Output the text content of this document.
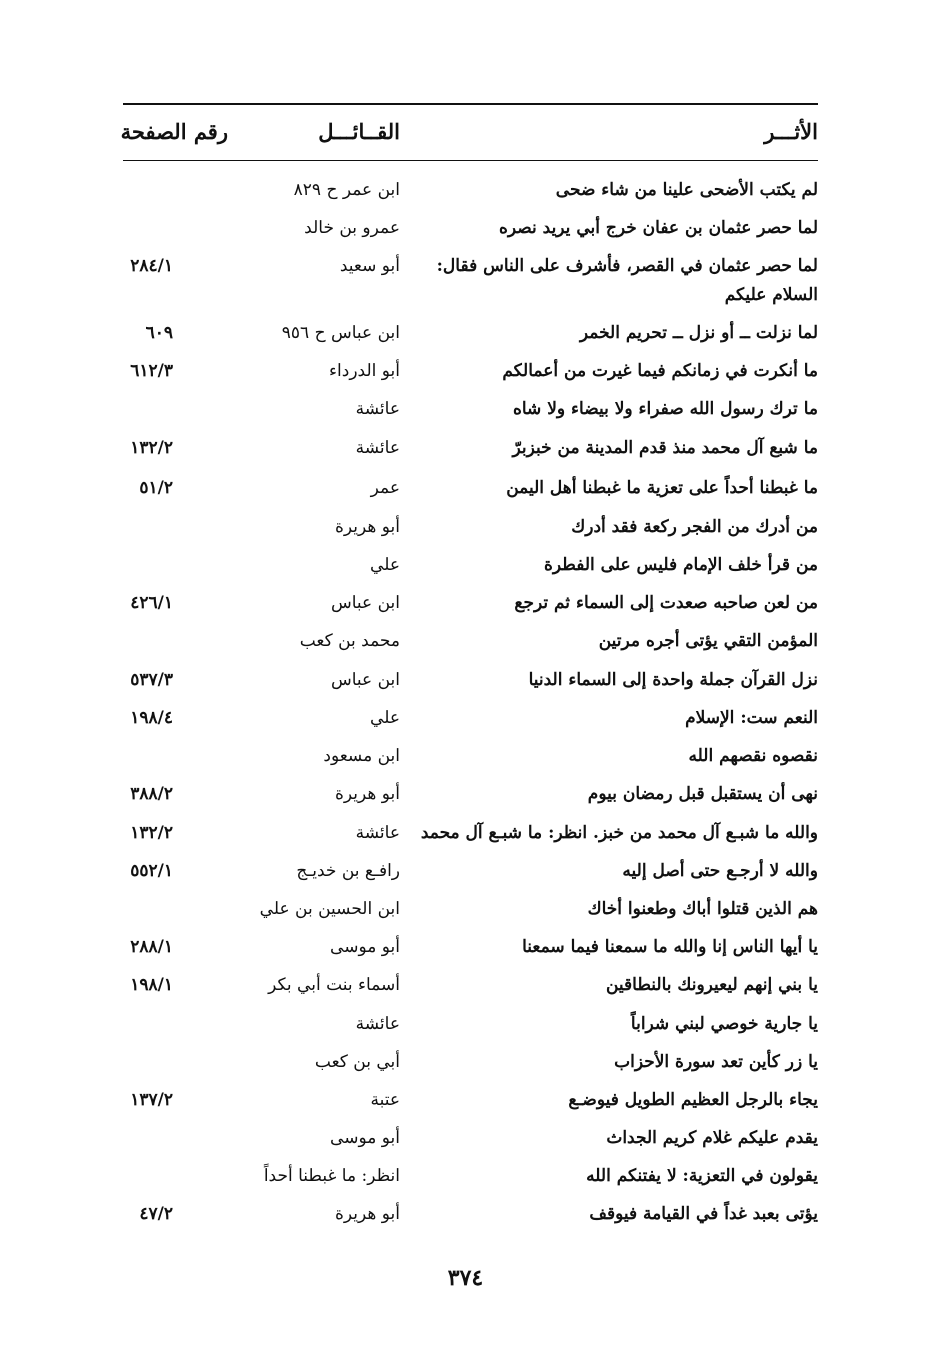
الأثـــر
القــائـــل
رقم الصفحة
لم يكتب الأضحى علينا من شاء ضحى
ابن عمر ح ٨٢٩
لما حصر عثمان بن عفان خرج أبي يريد نصره
عمرو بن خالد
لما حصر عثمان في القصر، فأشرف على الناس فقال:
السلام عليكم
أبو سعيد
٢٨٤/١
لما نزلت ــ أو نزل ــ تحريم الخمر
ابن عباس ح ٩٥٦
٦٠٩
ما أنكرت في زمانكم فيما غيرت من أعمالكم
أبو الدرداء
٦١٢/٣
ما ترك رسول الله صفراء ولا بيضاء ولا شاه
عائشة
ما شبع آل محمد منذ قدم المدينة من خبزبرّ
عائشة
١٣٢/٢
ما غبطنا أحداً على تعزية ما غبطنا أهل اليمن
عمر
٥١/٢
من أدرك من الفجر ركعة فقد أدرك
أبو هريرة
من قرأ خلف الإمام فليس على الفطرة
علي
من لعن صاحبه صعدت إلى السماء ثم ترجع
ابن عباس
٤٢٦/١
المؤمن التقي يؤتى أجره مرتين
محمد بن كعب
نزل القرآن جملة واحدة إلى السماء الدنيا
ابن عباس
٥٣٧/٣
النعم ست: الإسلام
علي
١٩٨/٤
نقصوه نقصهم الله
ابن مسعود
نهى أن يستقبل قبل رمضان بيوم
أبو هريرة
٣٨٨/٢
والله ما شبـع آل محمد من خبز. انظر: ما شبـع آل محمد
عائشة
١٣٢/٢
والله لا أرجـع حتى أصل إليه
رافـع بن خديـج
٥٥٢/١
هم الذين قتلوا أباك وطعنوا أخاك
ابن الحسين بن علي
يا أيها الناس إنا والله ما سمعنا فيما سمعنا
أبو موسى
٢٨٨/١
يا بني إنهم ليعيرونك بالنطاقين
أسماء بنت أبي بكر
١٩٨/١
يا جارية خوصي لبني شراباً
عائشة
يا زر كأين تعد سورة الأحزاب
أبي بن كعب
يجاء بالرجل العظيم الطويل فيوضـع
عتبة
١٣٧/٢
يقدم عليكم غلام كريم الجداث
أبو موسى
يقولون في التعزية: لا يفتنكم الله
انظر: ما غبطنا أحداً
يؤتى بعبد غداً في القيامة فيوقف
أبو هريرة
٤٧/٢
٣٧٤
